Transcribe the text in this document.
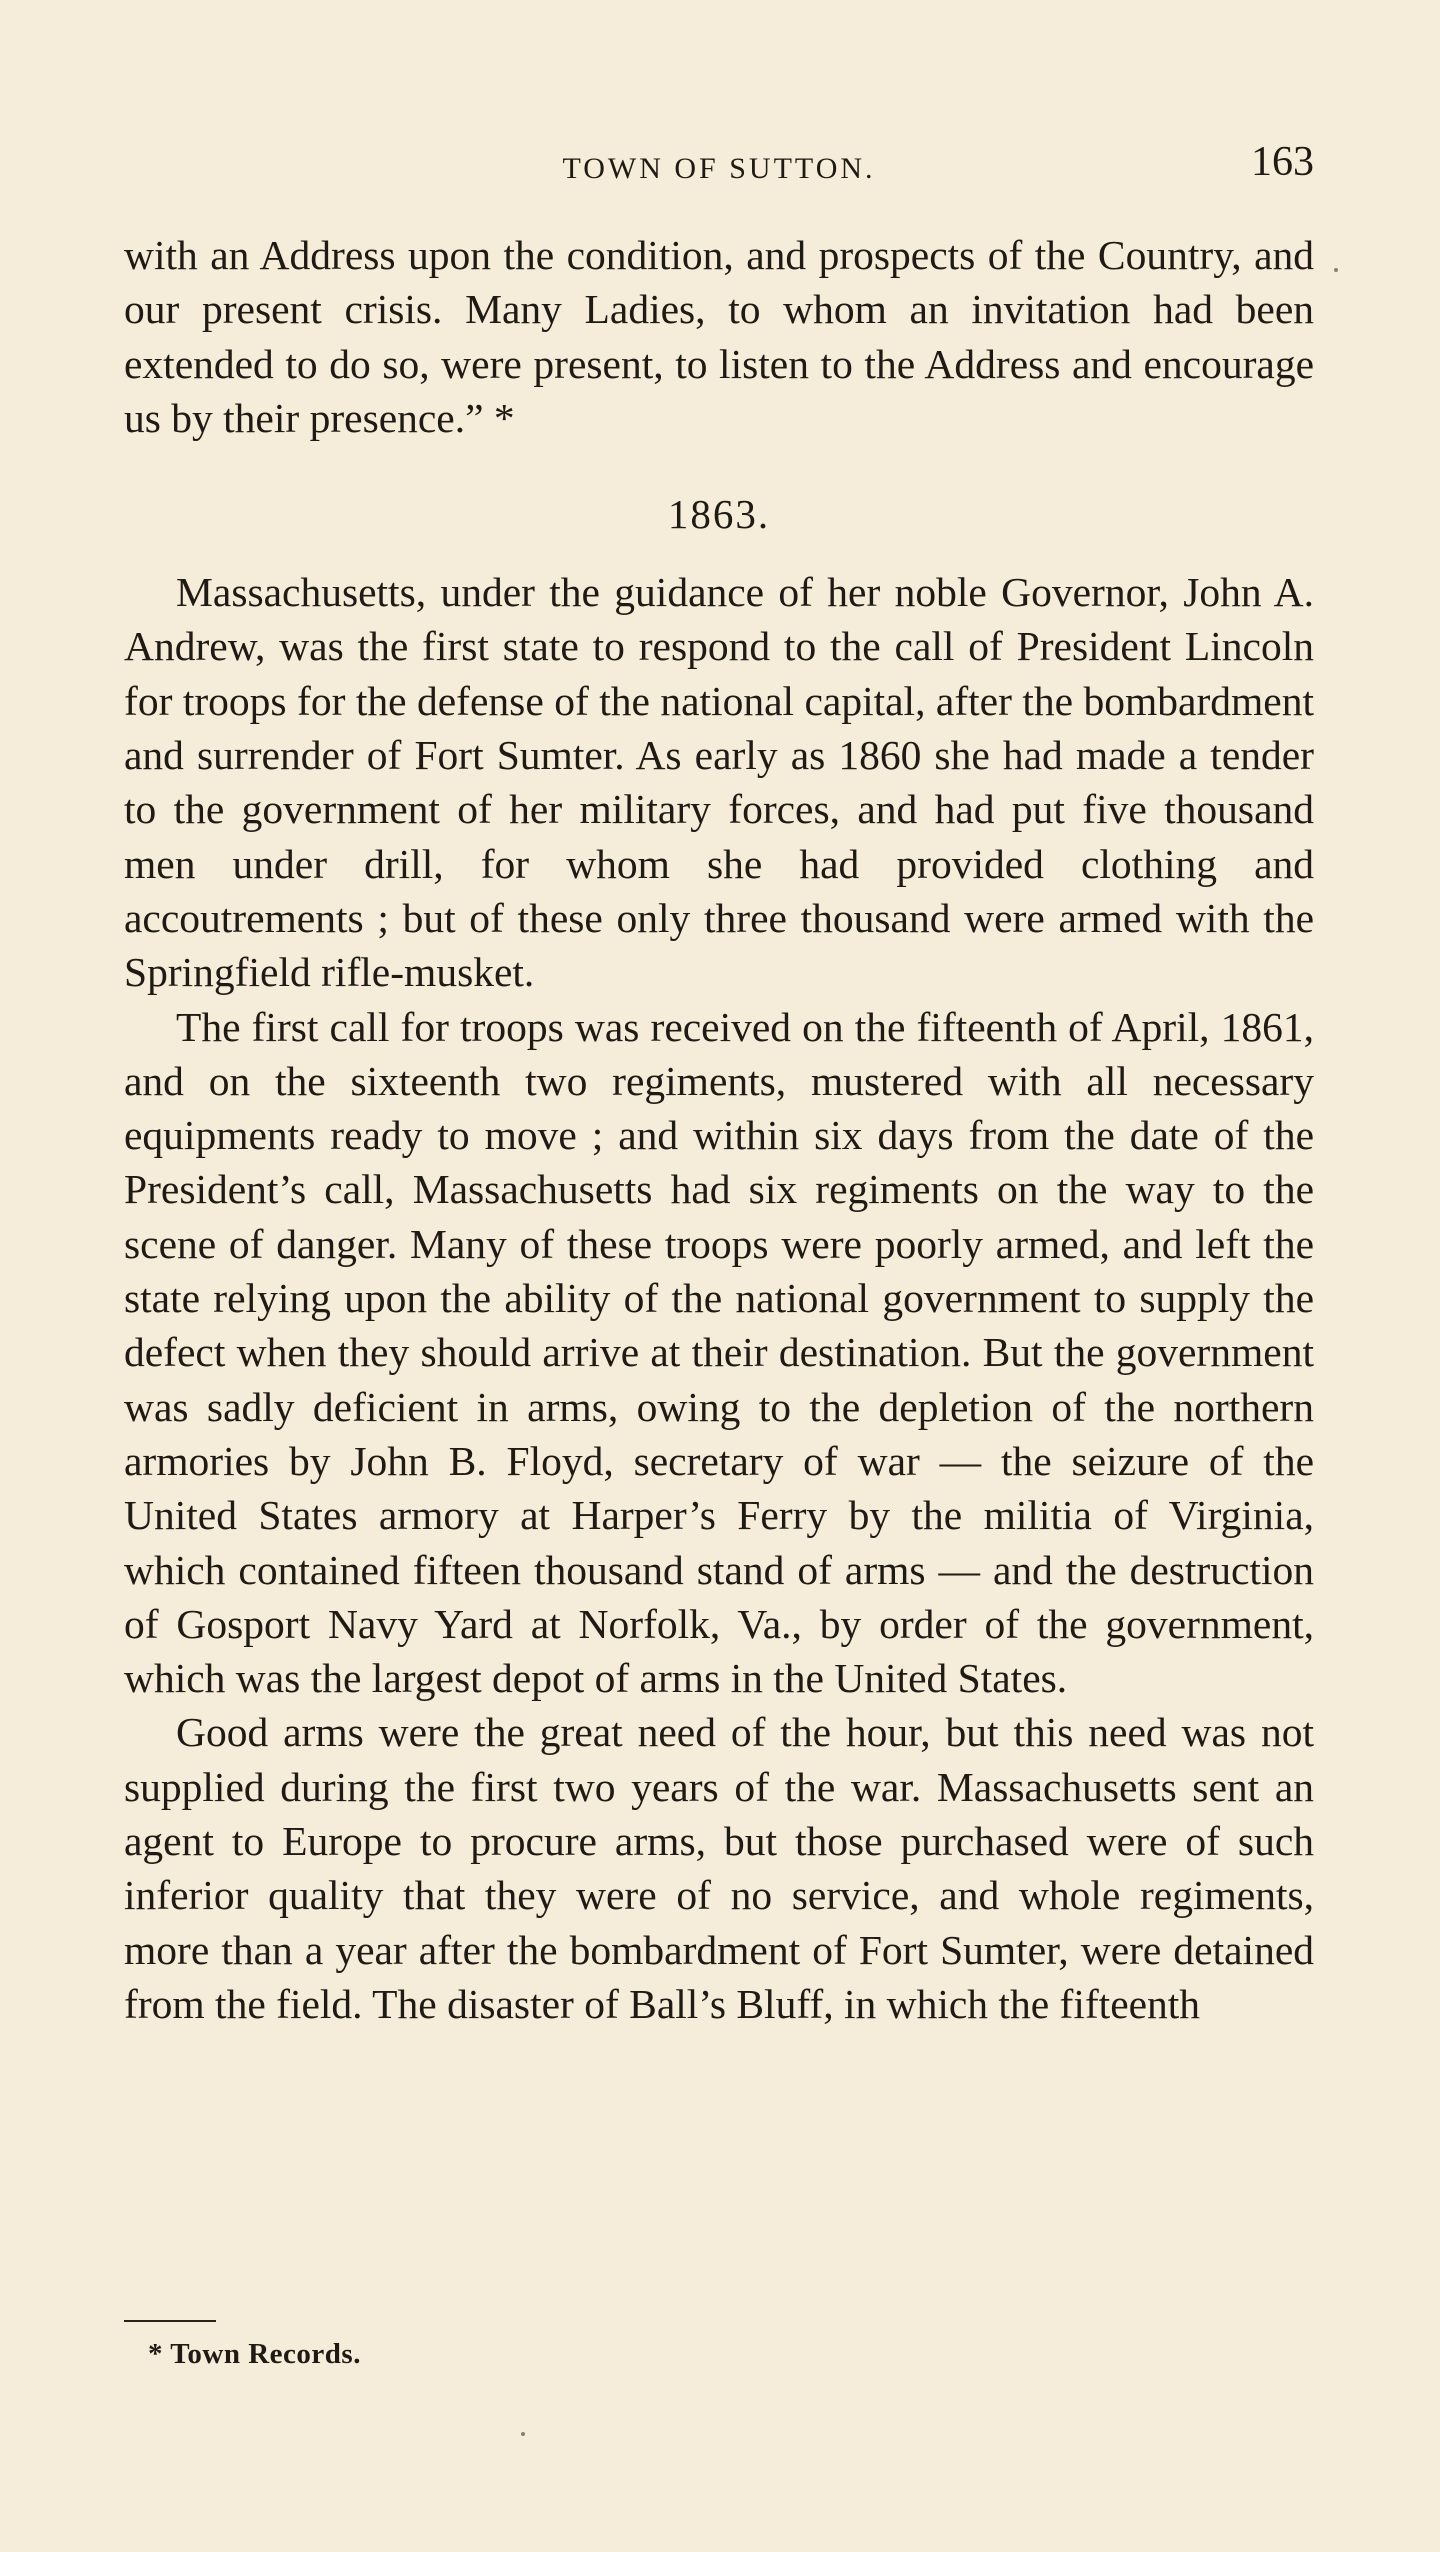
TOWN OF SUTTON.	163

with an Address upon the condition, and prospects of the Country, and our present crisis. Many Ladies, to whom an invitation had been extended to do so, were present, to listen to the Address and encourage us by their presence.” *

1863.

Massachusetts, under the guidance of her noble Governor, John A. Andrew, was the first state to respond to the call of President Lincoln for troops for the defense of the national capital, after the bombardment and surrender of Fort Sumter. As early as 1860 she had made a tender to the government of her military forces, and had put five thousand men under drill, for whom she had provided clothing and accoutrements ; but of these only three thousand were armed with the Springfield rifle-musket.

The first call for troops was received on the fifteenth of April, 1861, and on the sixteenth two regiments, mustered with all necessary equipments ready to move ; and within six days from the date of the President’s call, Massachusetts had six regiments on the way to the scene of danger. Many of these troops were poorly armed, and left the state relying upon the ability of the national government to supply the defect when they should arrive at their destination. But the government was sadly deficient in arms, owing to the depletion of the northern armories by John B. Floyd, secretary of war — the seizure of the United States armory at Harper’s Ferry by the militia of Virginia, which contained fifteen thousand stand of arms — and the destruction of Gosport Navy Yard at Norfolk, Va., by order of the government, which was the largest depot of arms in the United States.

Good arms were the great need of the hour, but this need was not supplied during the first two years of the war. Massachusetts sent an agent to Europe to procure arms, but those purchased were of such inferior quality that they were of no service, and whole regiments, more than a year after the bombardment of Fort Sumter, were detained from the field. The disaster of Ball’s Bluff, in which the fifteenth

* Town Records.
